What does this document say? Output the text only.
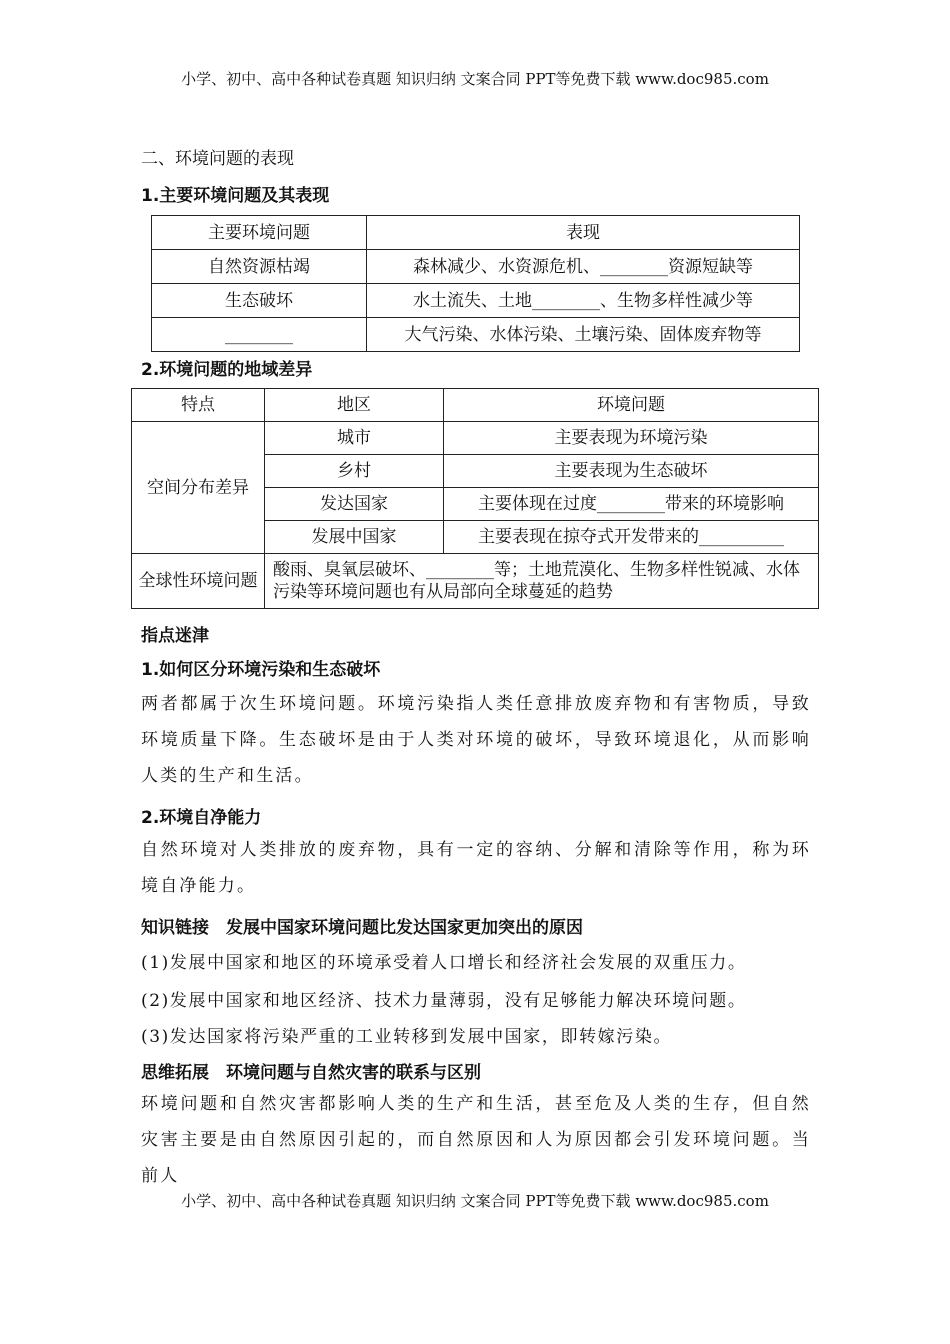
小学、初中、高中各种试卷真题 知识归纳 文案合同 PPT等免费下载 www.doc985.com
二、环境问题的表现
1.主要环境问题及其表现
主要环境问题	表现
自然资源枯竭	森林减少、水资源危机、________资源短缺等
生态破坏	水土流失、土地________、生物多样性减少等
________	大气污染、水体污染、土壤污染、固体废弃物等
2.环境问题的地域差异
特点	地区	环境问题
空间分布差异	城市	主要表现为环境污染
	乡村	主要表现为生态破坏
	发达国家	主要体现在过度________带来的环境影响
	发展中国家	主要表现在掠夺式开发带来的__________
全球性环境问题	酸雨、臭氧层破坏、________等；土地荒漠化、生物多样性锐减、水体污染等环境问题也有从局部向全球蔓延的趋势	
指点迷津
1.如何区分环境污染和生态破坏
两者都属于次生环境问题。环境污染指人类任意排放废弃物和有害物质，导致环境质量下降。生态破坏是由于人类对环境的破坏，导致环境退化，从而影响人类的生产和生活。
2.环境自净能力
自然环境对人类排放的废弃物，具有一定的容纳、分解和清除等作用，称为环境自净能力。
知识链接　发展中国家环境问题比发达国家更加突出的原因
(1)发展中国家和地区的环境承受着人口增长和经济社会发展的双重压力。
(2)发展中国家和地区经济、技术力量薄弱，没有足够能力解决环境问题。
(3)发达国家将污染严重的工业转移到发展中国家，即转嫁污染。
思维拓展　环境问题与自然灾害的联系与区别
环境问题和自然灾害都影响人类的生产和生活，甚至危及人类的生存，但自然灾害主要是由自然原因引起的，而自然原因和人为原因都会引发环境问题。当前人
小学、初中、高中各种试卷真题 知识归纳 文案合同 PPT等免费下载 www.doc985.com
